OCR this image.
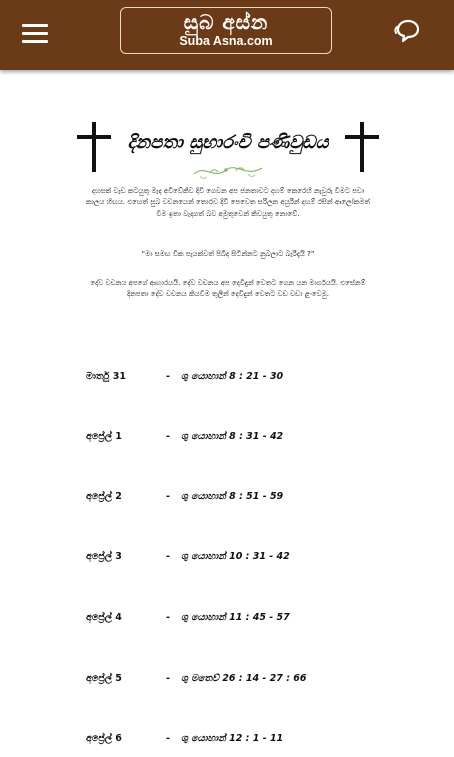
සුබ අස්න
Suba Asna.com
දිනපතා සුභාරංචි පණිවුඩය
දහසක් වැඩ කටයුතු මැද අවිවේකීව දිවි ගෙවන අප ජනතාවට දහම් කෙරෙහි නැවුරු වීමට පවා කාලය හිඟය. එහෙත් සුබ වචනයෙන් තොරව දිවි පෙවෙත සරිලන අයුරින් දහම් රසින් ආලෝකමත් වීම ඉතා වැදගත් බව අමුතුවෙන් කිවයුතු නොවේ.
“මා සමඟ වික පැයක්වත් පිබිද සිටින්නට නුබලාට බැරිදැයි ?”
දේව වචනය අපගේ ආහාරයයි. දේව වචනය අප දෙවිදුන් වෙතට ගෙන යන මාර්ගයයි. එසේනම් දිනපතා දේව වචනය කියවීම තුලින් දෙවිදුන් වෙතට වඩ වඩා ළංවෙමු.
මාර්තු 31	- ශු යොහාන් 8 : 21 - 30
අප්‍රේල් 1	- ශු යොහාන් 8 : 31 - 42
අප්‍රේල් 2	- ශු යොහාන් 8 : 51 - 59
අප්‍රේල් 3	- ශු යොහාන් 10 : 31 - 42
අප්‍රේල් 4	- ශු යොහාන් 11 : 45 - 57
අප්‍රේල් 5	- ශු මතෙව් 26 : 14 - 27 : 66
අප්‍රේල් 6	- ශු යොහාන් 12 : 1 - 11
